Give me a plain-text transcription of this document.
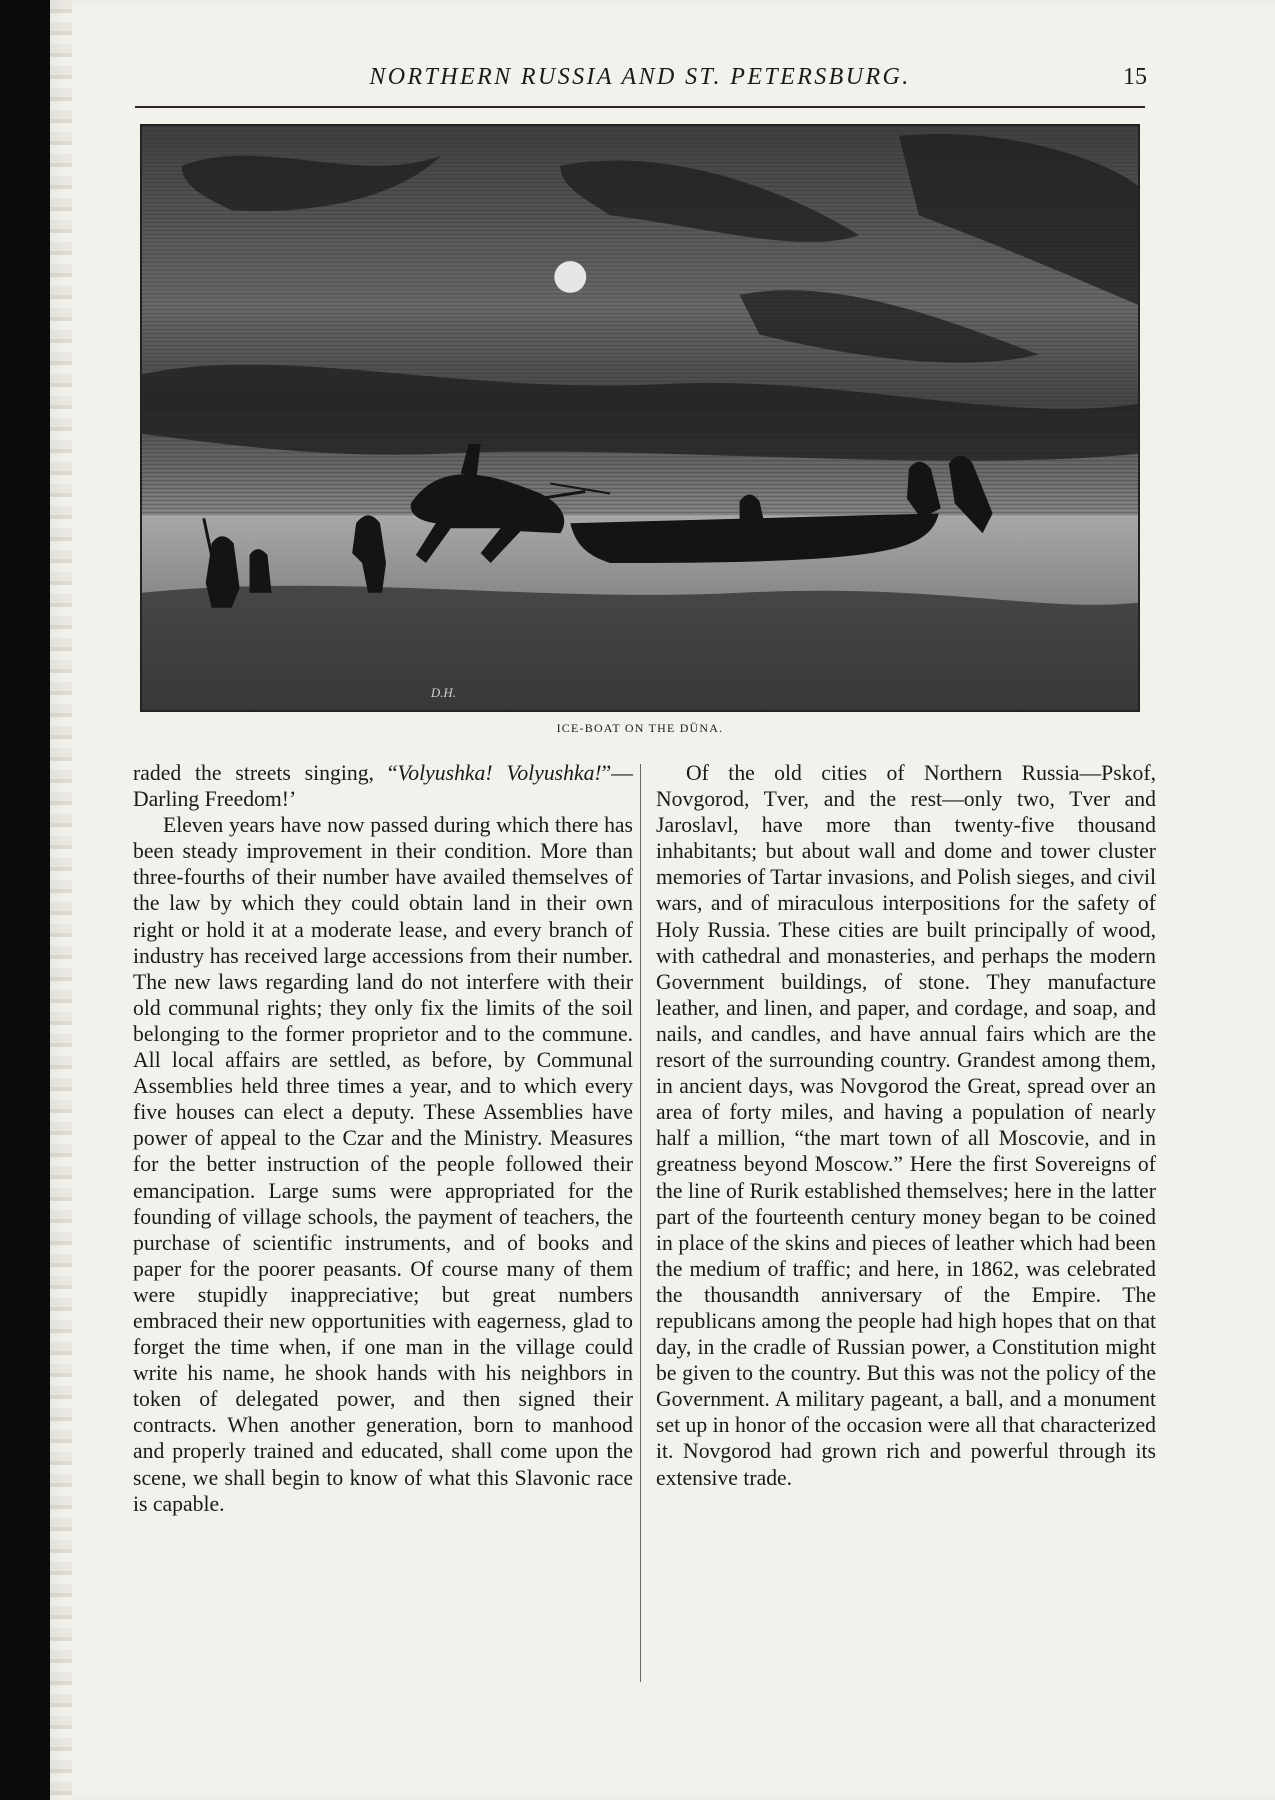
NORTHERN RUSSIA AND ST. PETERSBURG.	15
D.H.
ICE-BOAT ON THE DÜNA.

raded the streets singing, “Volyushka! Volyushka!”—Darling Freedom!’

Eleven years have now passed during which there has been steady improvement in their condition. More than three-fourths of their number have availed themselves of the law by which they could obtain land in their own right or hold it at a moderate lease, and every branch of industry has received large accessions from their number. The new laws regarding land do not interfere with their old communal rights; they only fix the limits of the soil belonging to the former proprietor and to the commune. All local affairs are settled, as before, by Communal Assemblies held three times a year, and to which every five houses can elect a deputy. These Assemblies have power of appeal to the Czar and the Ministry. Measures for the better instruction of the people followed their emancipation. Large sums were appropriated for the founding of village schools, the payment of teachers, the purchase of scientific instruments, and of books and paper for the poorer peasants. Of course many of them were stupidly inappreciative; but great numbers embraced their new opportunities with eagerness, glad to forget the time when, if one man in the village could write his name, he shook hands with his neighbors in token of delegated power, and then signed their contracts. When another generation, born to manhood and properly trained and educated, shall come upon the scene, we shall begin to know of what this Slavonic race is capable.

Of the old cities of Northern Russia—Pskof, Novgorod, Tver, and the rest—only two, Tver and Jaroslavl, have more than twenty-five thousand inhabitants; but about wall and dome and tower cluster memories of Tartar invasions, and Polish sieges, and civil wars, and of miraculous interpositions for the safety of Holy Russia. These cities are built principally of wood, with cathedral and monasteries, and perhaps the modern Government buildings, of stone. They manufacture leather, and linen, and paper, and cordage, and soap, and nails, and candles, and have annual fairs which are the resort of the surrounding country. Grandest among them, in ancient days, was Novgorod the Great, spread over an area of forty miles, and having a population of nearly half a million, “the mart town of all Moscovie, and in greatness beyond Moscow.” Here the first Sovereigns of the line of Rurik established themselves; here in the latter part of the fourteenth century money began to be coined in place of the skins and pieces of leather which had been the medium of traffic; and here, in 1862, was celebrated the thousandth anniversary of the Empire. The republicans among the people had high hopes that on that day, in the cradle of Russian power, a Constitution might be given to the country. But this was not the policy of the Government. A military pageant, a ball, and a monument set up in honor of the occasion were all that characterized it. Novgorod had grown rich and powerful through its extensive trade.
